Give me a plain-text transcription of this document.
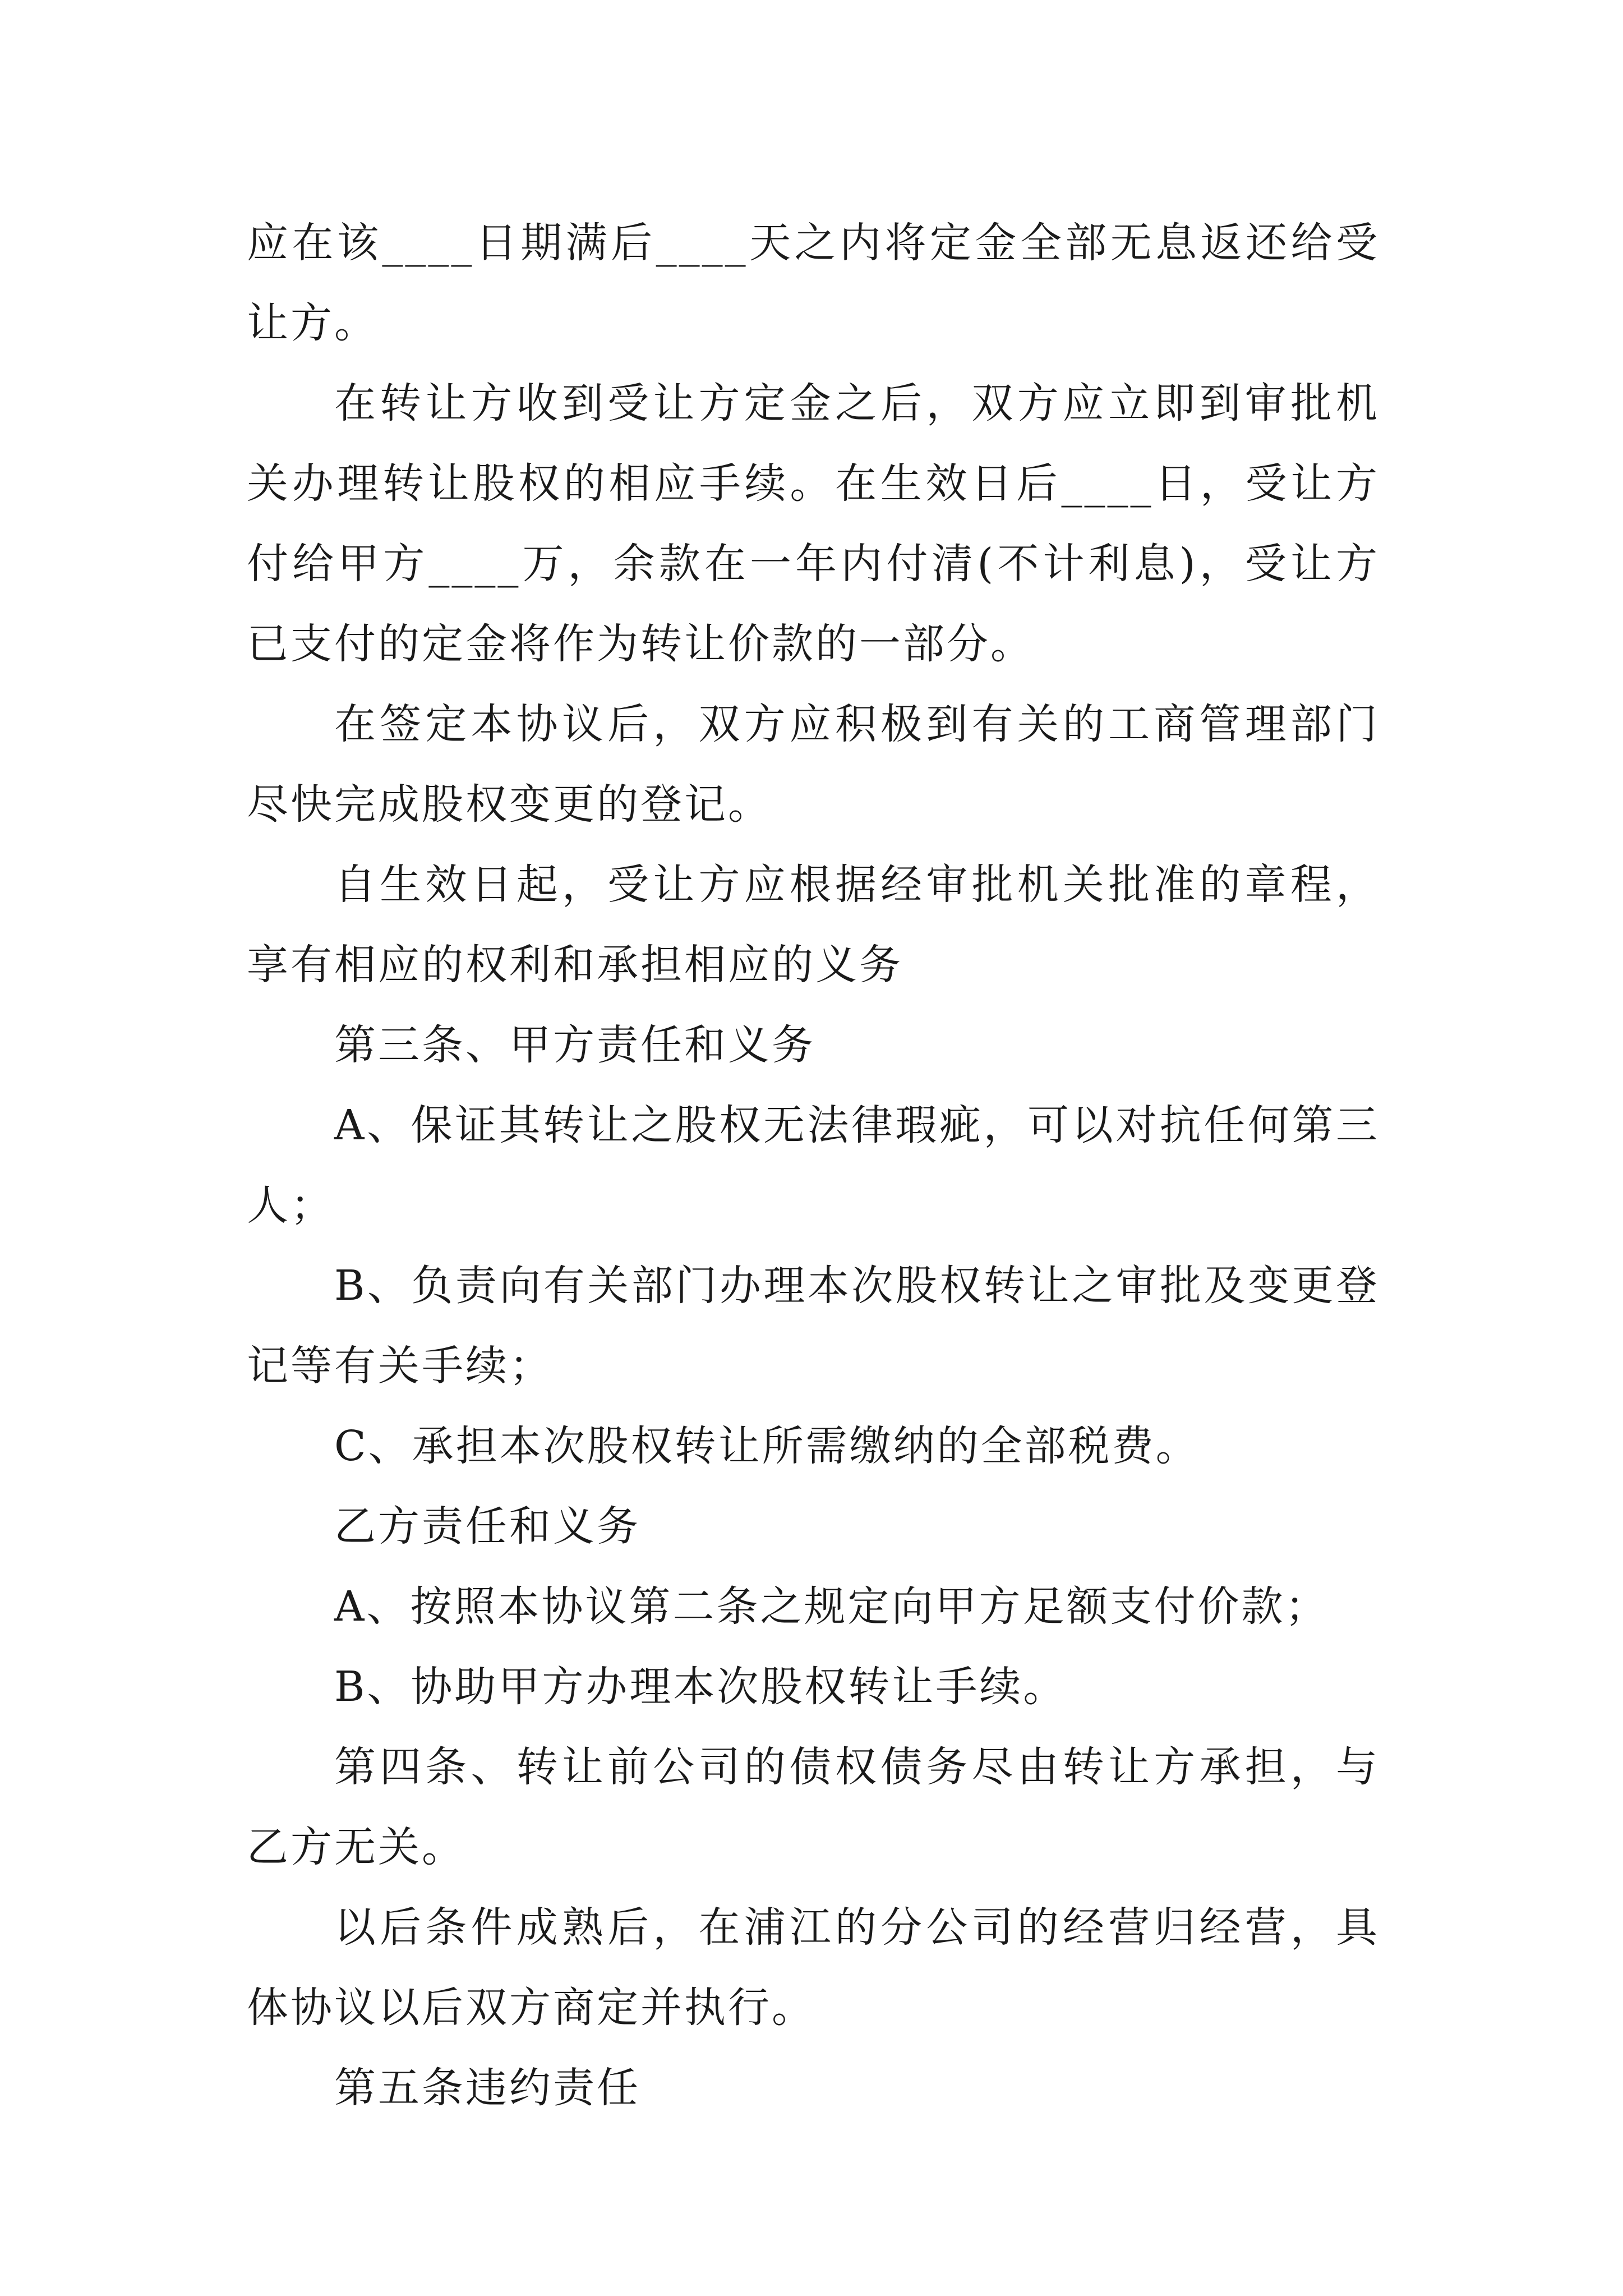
应在该____日期满后____天之内将定金全部无息返还给受让方。

在转让方收到受让方定金之后，双方应立即到审批机关办理转让股权的相应手续。在生效日后____日，受让方付给甲方____万，余款在一年内付清(不计利息)，受让方已支付的定金将作为转让价款的一部分。

在签定本协议后，双方应积极到有关的工商管理部门尽快完成股权变更的登记。

自生效日起，受让方应根据经审批机关批准的章程，享有相应的权利和承担相应的义务

第三条、甲方责任和义务

A、保证其转让之股权无法律瑕疵，可以对抗任何第三人；

B、负责向有关部门办理本次股权转让之审批及变更登记等有关手续；

C、承担本次股权转让所需缴纳的全部税费。

乙方责任和义务

A、按照本协议第二条之规定向甲方足额支付价款；

B、协助甲方办理本次股权转让手续。

第四条、转让前公司的债权债务尽由转让方承担，与乙方无关。

以后条件成熟后，在浦江的分公司的经营归经营，具体协议以后双方商定并执行。

第五条违约责任
